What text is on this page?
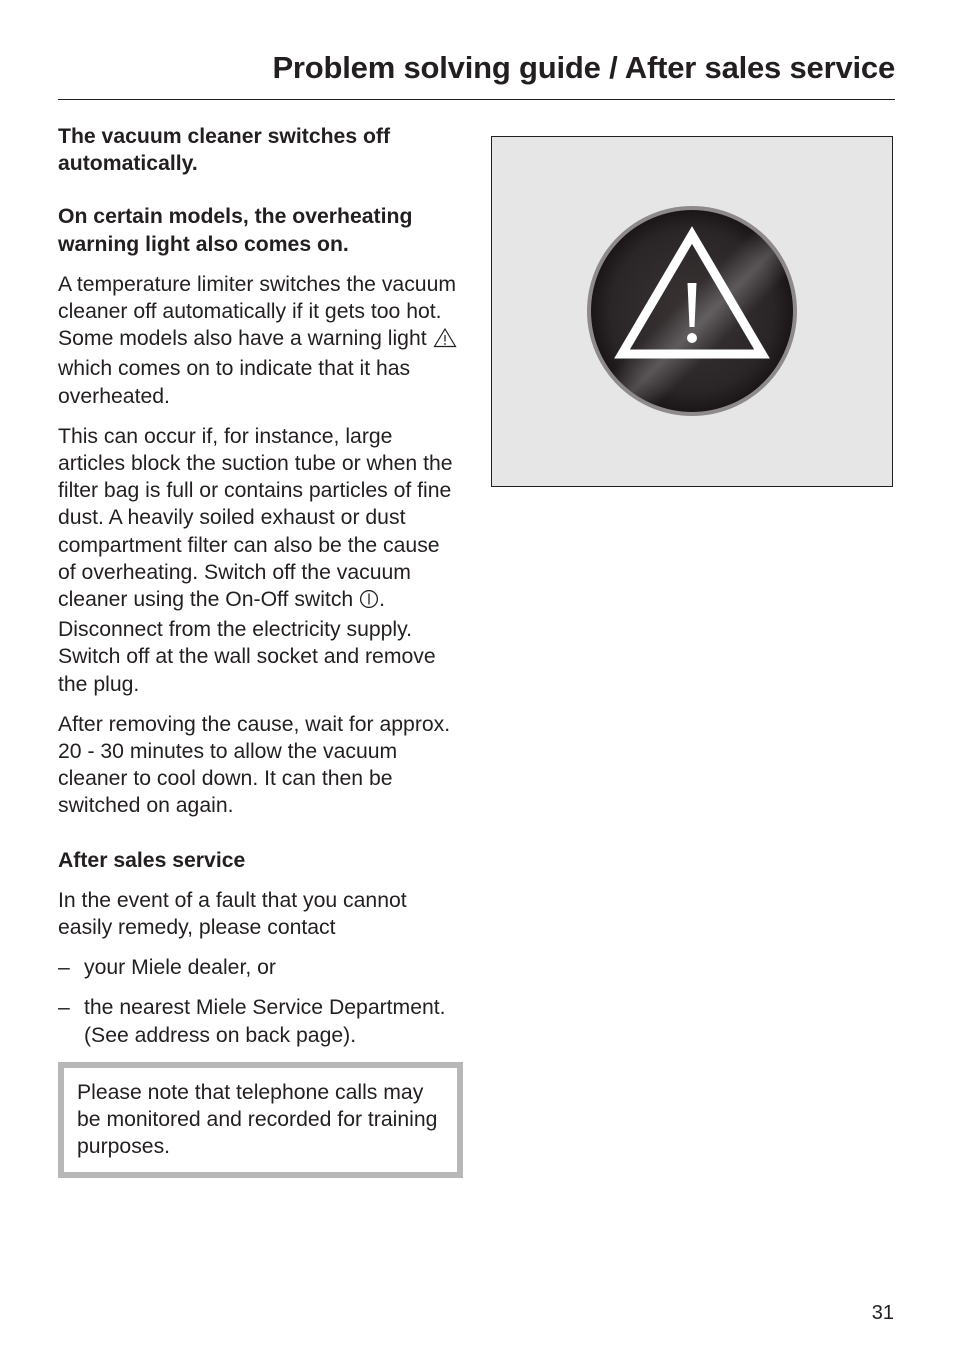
Problem solving guide / After sales service

The vacuum cleaner switches off automatically.

On certain models, the overheating warning light also comes on.

A temperature limiter switches the vacuum cleaner off automatically if it gets too hot. Some models also have a warning light  which comes on to indicate that it has overheated.

This can occur if, for instance, large articles block the suction tube or when the filter bag is full or contains particles of fine dust. A heavily soiled exhaust or dust compartment filter can also be the cause of overheating. Switch off the vacuum cleaner using the On-Off switch . Disconnect from the electricity supply. Switch off at the wall socket and remove the plug.

After removing the cause, wait for approx. 20 - 30 minutes to allow the vacuum cleaner to cool down. It can then be switched on again.

After sales service

In the event of a fault that you cannot easily remedy, please contact

– your Miele dealer, or

– the nearest Miele Service Department. (See address on back page).

Please note that telephone calls may be monitored and recorded for training purposes.

31
